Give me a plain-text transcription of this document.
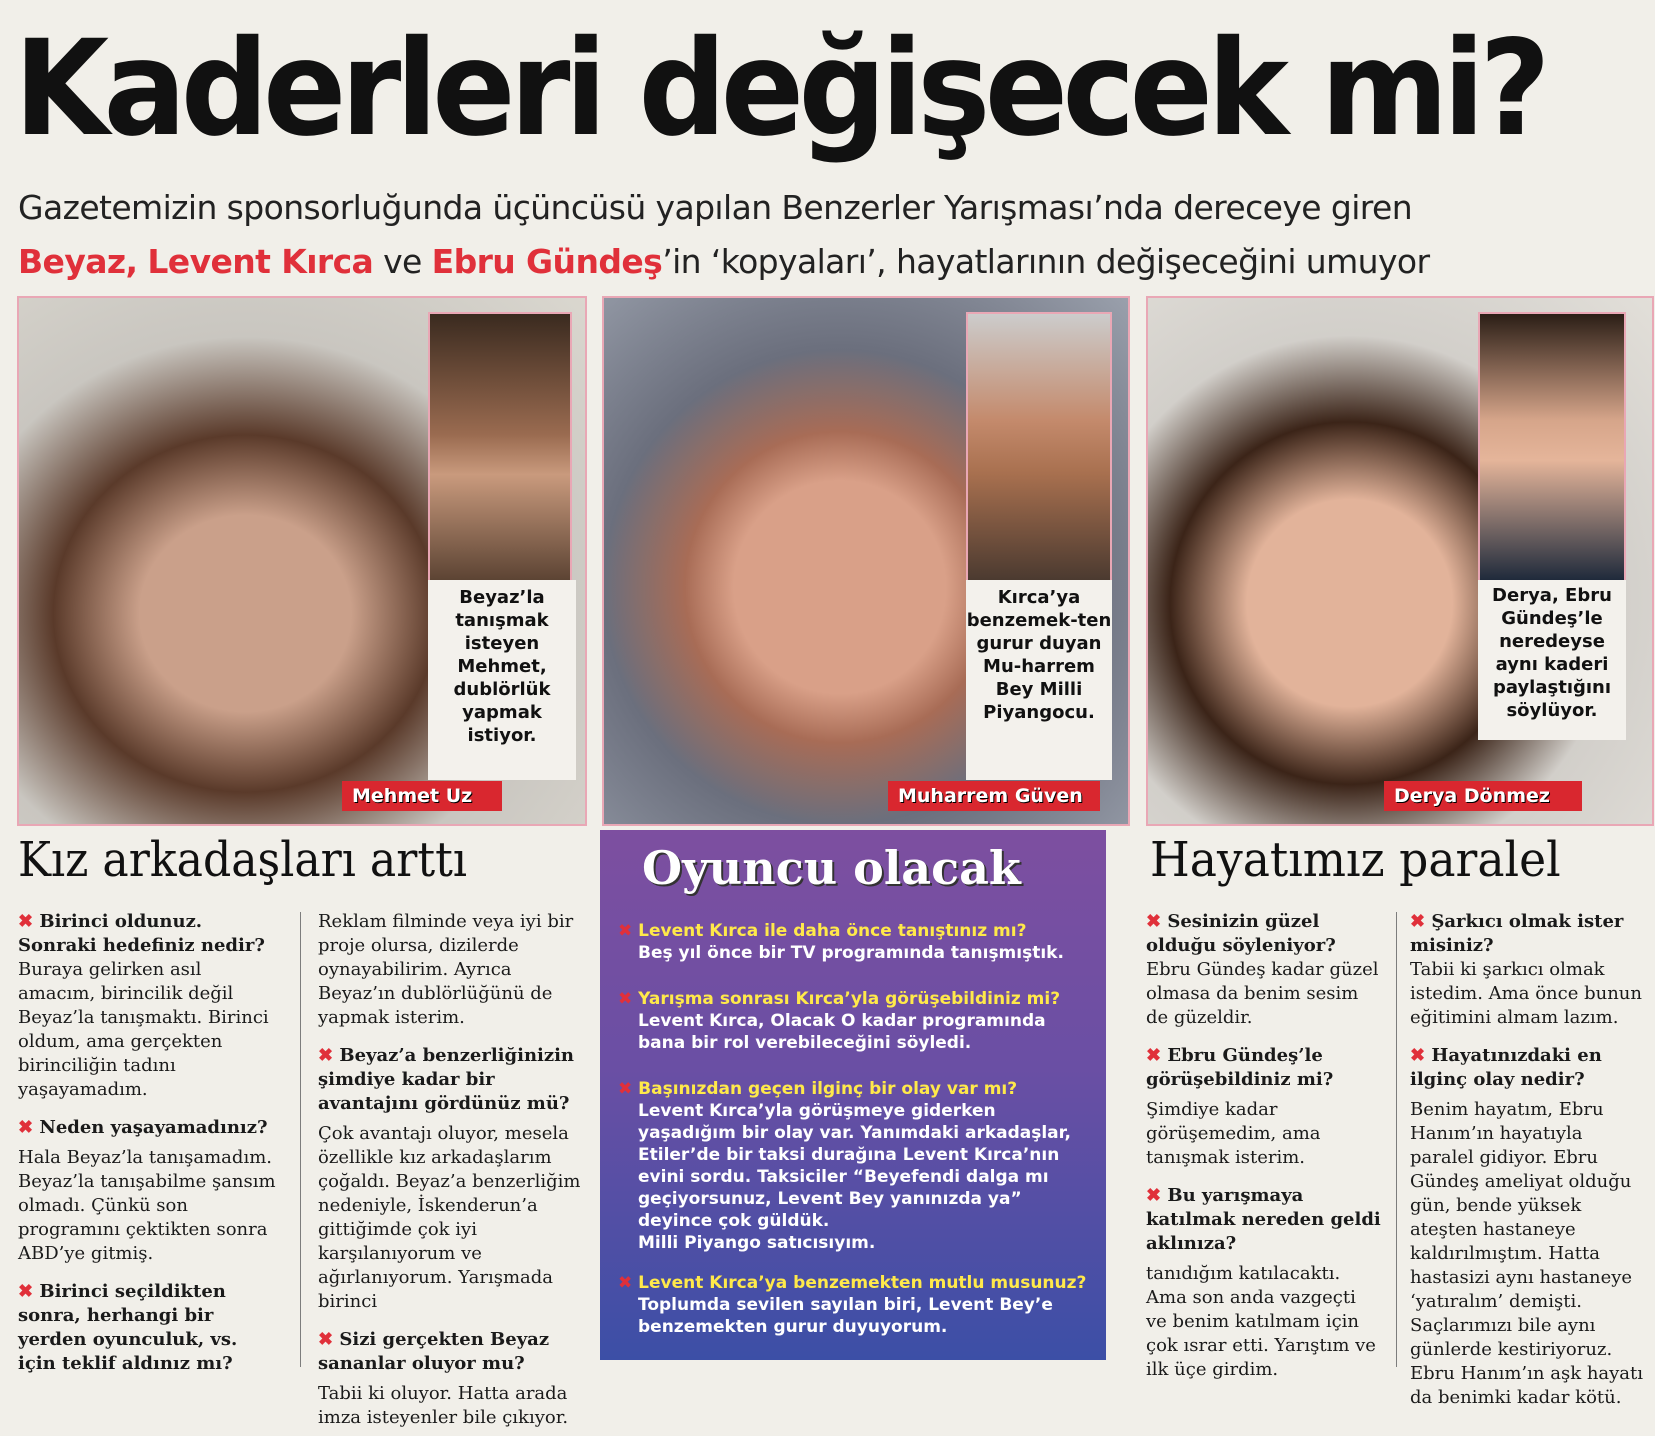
Kaderleri değişecek mi?
Gazetemizin sponsorluğunda üçüncüsü yapılan Benzerler Yarışması’nda dereceye giren
Beyaz, Levent Kırca ve Ebru Gündeş’in ‘kopyaları’, hayatlarının değişeceğini umuyor
Beyaz’la tanışmak isteyen Mehmet, dublörlük yapmak istiyor.
Kırca’ya benzemek-ten gurur duyan Mu-harrem Bey Milli Piyangocu.
Derya, Ebru Gündeş’le neredeyse aynı kaderi paylaştığını söylüyor.
Mehmet Uz	Muharrem Güven	Derya Dönmez
Kız arkadaşları arttı	Hayatımız paralel
Oyuncu olacak
✖ Levent Kırca ile daha önce tanıştınız mı?
Beş yıl önce bir TV programında tanışmıştık.
✖ Yarışma sonrası Kırca’yla görüşebildiniz mi?
Levent Kırca, Olacak O kadar programında bana bir rol verebileceğini söyledi.
✖ Başınızdan geçen ilginç bir olay var mı?
Levent Kırca’yla görüşmeye giderken yaşadığım bir olay var. Yanımdaki arkadaşlar, Etiler’de bir taksi durağına Levent Kırca’nın evini sordu. Taksiciler “Beyefendi dalga mı geçiyorsunuz, Levent Bey yanınızda ya” deyince çok güldük.
Milli Piyango satıcısıyım.
✖ Levent Kırca’ya benzemekten mutlu musunuz?
Toplumda sevilen sayılan biri, Levent Bey’e benzemekten gurur duyuyorum.
✖ Birinci oldunuz. Sonraki hedefiniz nedir?

Buraya gelirken asıl amacım, birincilik değil Beyaz’la tanışmaktı. Birinci oldum, ama gerçekten birinciliğin tadını yaşayamadım.

✖ Neden yaşayamadınız?

Hala Beyaz’la tanışamadım. Beyaz’la tanışabilme şansım olmadı. Çünkü son programını çektikten sonra ABD’ye gitmiş.

✖ Birinci seçildikten sonra, herhangi bir yerden oyunculuk, vs. için teklif aldınız mı?

Reklam filminde veya iyi bir proje olursa, dizilerde oynayabilirim. Ayrıca Beyaz’ın dublörlüğünü de yapmak isterim.

✖ Beyaz’a benzerliğinizin şimdiye kadar bir avantajını gördünüz mü?

Çok avantajı oluyor, mesela özellikle kız arkadaşlarım çoğaldı. Beyaz’a benzerliğim nedeniyle, İskenderun’a gittiğimde çok iyi karşılanıyorum ve ağırlanıyorum. Yarışmada birinci

✖ Sizi gerçekten Beyaz sananlar oluyor mu?

Tabii ki oluyor. Hatta arada imza isteyenler bile çıkıyor.

✖ Sesinizin güzel olduğu söyleniyor?

Ebru Gündeş kadar güzel olmasa da benim sesim de güzeldir.

✖ Ebru Gündeş’le görüşebildiniz mi?

Şimdiye kadar görüşemedim, ama tanışmak isterim.

✖ Bu yarışmaya katılmak nereden geldi aklınıza?

tanıdığım katılacaktı. Ama son anda vazgeçti ve benim katılmam için çok ısrar etti. Yarıştım ve ilk üçe girdim.

✖ Şarkıcı olmak ister misiniz?

Tabii ki şarkıcı olmak istedim. Ama önce bunun eğitimini almam lazım.

✖ Hayatınızdaki en ilginç olay nedir?

Benim hayatım, Ebru Hanım’ın hayatıyla paralel gidiyor. Ebru Gündeş ameliyat olduğu gün, bende yüksek ateşten hastaneye kaldırılmıştım. Hatta hastasizi aynı hastaneye ‘yatıralım’ demişti. Saçlarımızı bile aynı günlerde kestiriyoruz. Ebru Hanım’ın aşk hayatı da benimki kadar kötü.
